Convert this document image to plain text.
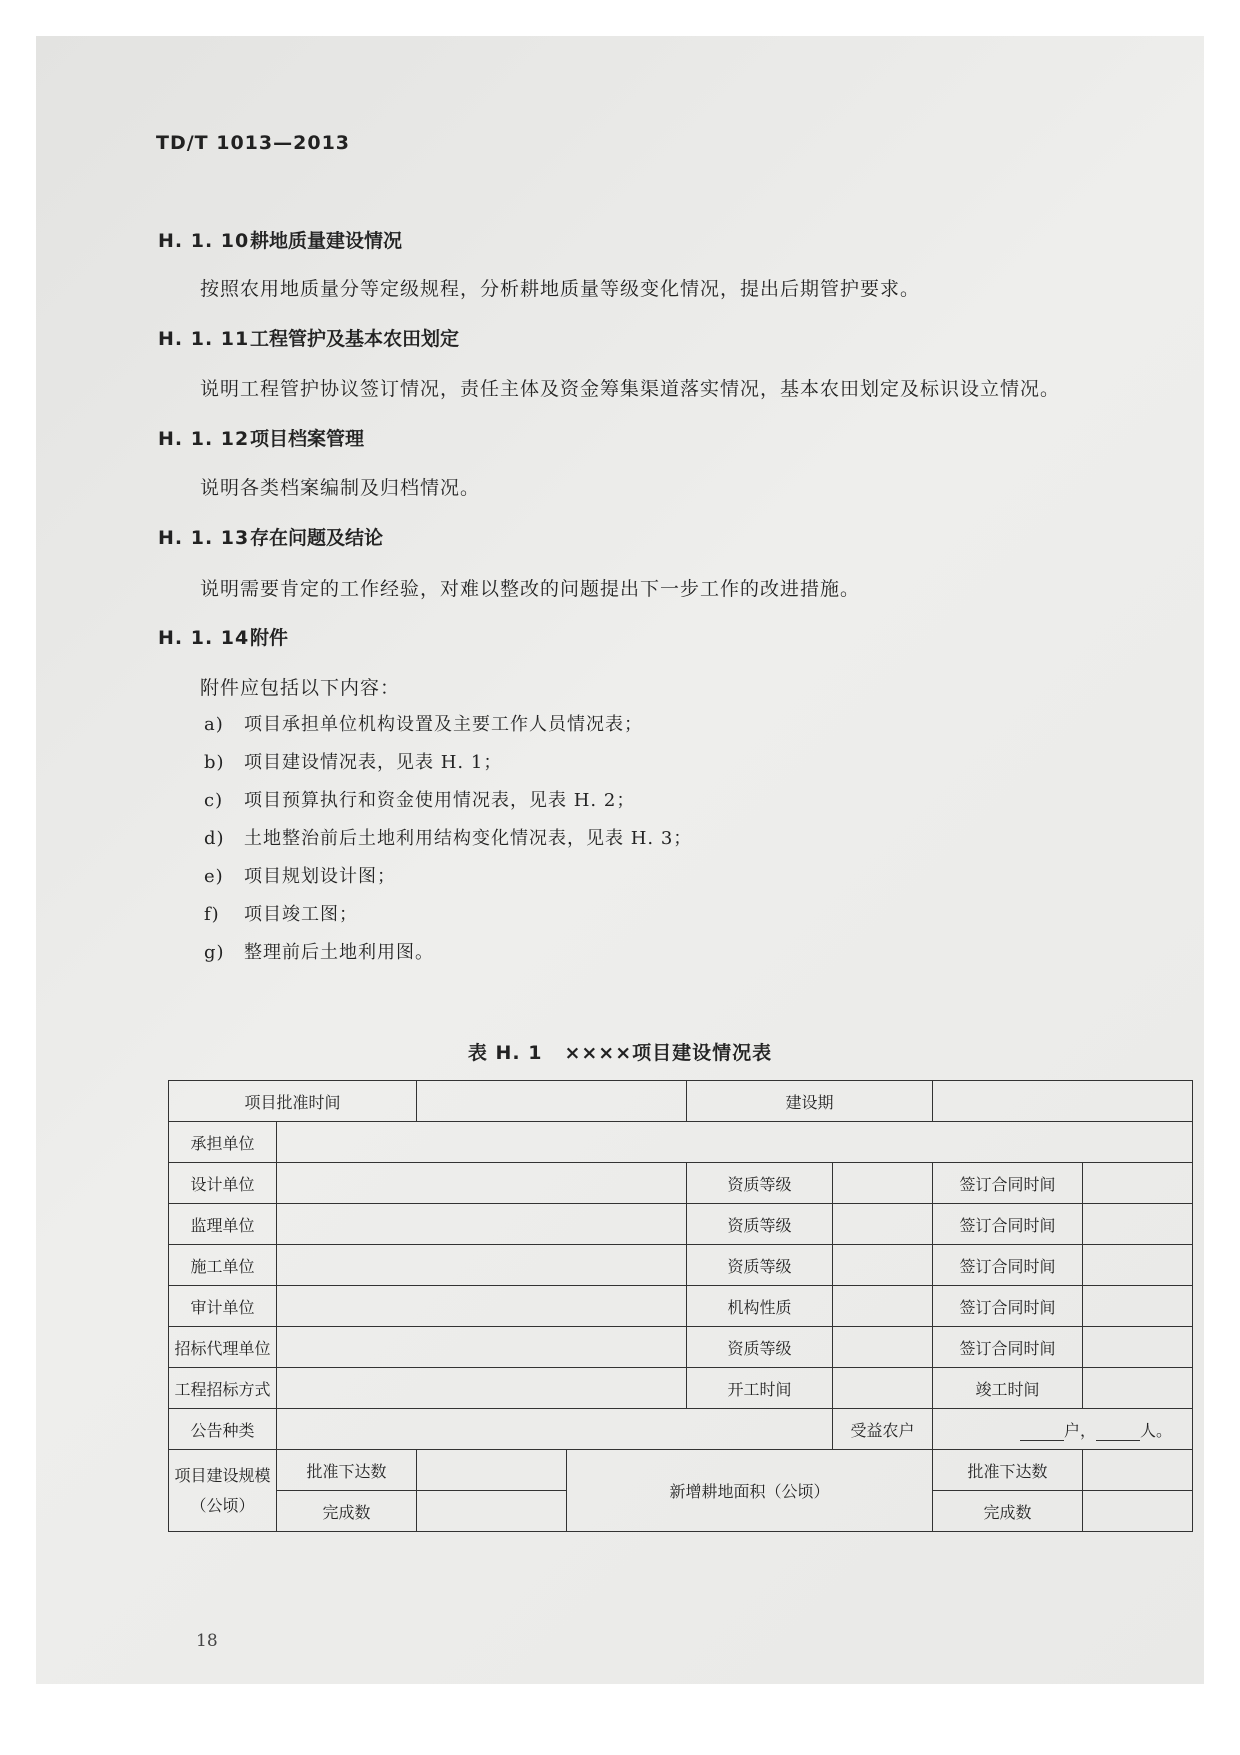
TD/T 1013—2013
H. 1. 10耕地质量建设情况
按照农用地质量分等定级规程，分析耕地质量等级变化情况，提出后期管护要求。
H. 1. 11工程管护及基本农田划定
说明工程管护协议签订情况，责任主体及资金筹集渠道落实情况，基本农田划定及标识设立情况。
H. 1. 12项目档案管理
说明各类档案编制及归档情况。
H. 1. 13存在问题及结论
说明需要肯定的工作经验，对难以整改的问题提出下一步工作的改进措施。
H. 1. 14附件
附件应包括以下内容：
a) 项目承担单位机构设置及主要工作人员情况表；
b) 项目建设情况表，见表 H. 1；
c) 项目预算执行和资金使用情况表，见表 H. 2；
d) 土地整治前后土地利用结构变化情况表，见表 H. 3；
e) 项目规划设计图；
f) 项目竣工图；
g) 整理前后土地利用图。
表 H. 1 ××××项目建设情况表
项目批准时间				建设期			
承担单位							
设计单位				资质等级		签订合同时间	
监理单位				资质等级		签订合同时间	
施工单位				资质等级		签订合同时间	
审计单位				机构性质		签订合同时间	
招标代理单位				资质等级		签订合同时间	
工程招标方式				开工时间		竣工时间	
公告种类					受益农户	户， 人。	

项目建设规模
（公顷）	批准下达数		新增耕地面积（公顷）			批准下达数	
	完成数					完成数	
18
